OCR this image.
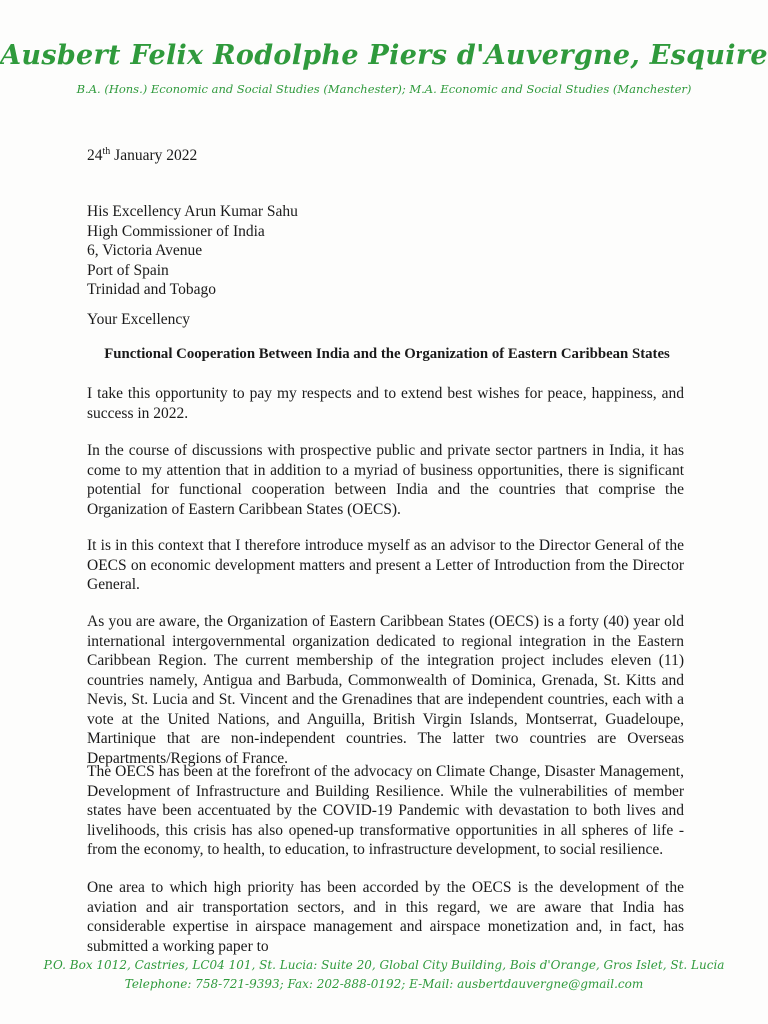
Ausbert Felix Rodolphe Piers d'Auvergne, Esquire

B.A. (Hons.) Economic and Social Studies (Manchester); M.A. Economic and Social Studies (Manchester)

24th January 2022
His Excellency Arun Kumar Sahu
High Commissioner of India
6, Victoria Avenue
Port of Spain
Trinidad and Tobago
Your Excellency
Functional Cooperation Between India and the Organization of Eastern Caribbean States

I take this opportunity to pay my respects and to extend best wishes for peace, happiness, and success in 2022.

In the course of discussions with prospective public and private sector partners in India, it has come to my attention that in addition to a myriad of business opportunities, there is significant potential for functional cooperation between India and the countries that comprise the Organization of Eastern Caribbean States (OECS).

It is in this context that I therefore introduce myself as an advisor to the Director General of the OECS on economic development matters and present a Letter of Introduction from the Director General.

As you are aware, the Organization of Eastern Caribbean States (OECS) is a forty (40) year old international intergovernmental organization dedicated to regional integration in the Eastern Caribbean Region. The current membership of the integration project includes eleven (11) countries namely, Antigua and Barbuda, Commonwealth of Dominica, Grenada, St. Kitts and Nevis, St. Lucia and St. Vincent and the Grenadines that are independent countries, each with a vote at the United Nations, and Anguilla, British Virgin Islands, Montserrat, Guadeloupe, Martinique that are non-independent countries. The latter two countries are Overseas Departments/Regions of France.

The OECS has been at the forefront of the advocacy on Climate Change, Disaster Management, Development of Infrastructure and Building Resilience. While the vulnerabilities of member states have been accentuated by the COVID-19 Pandemic with devastation to both lives and livelihoods, this crisis has also opened-up transformative opportunities in all spheres of life - from the economy, to health, to education, to infrastructure development, to social resilience.

One area to which high priority has been accorded by the OECS is the development of the aviation and air transportation sectors, and in this regard, we are aware that India has considerable expertise in airspace management and airspace monetization and, in fact, has submitted a working paper to

P.O. Box 1012, Castries, LC04 101, St. Lucia: Suite 20, Global City Building, Bois d'Orange, Gros Islet, St. Lucia

Telephone: 758-721-9393; Fax: 202-888-0192; E-Mail: ausbertdauvergne@gmail.com
